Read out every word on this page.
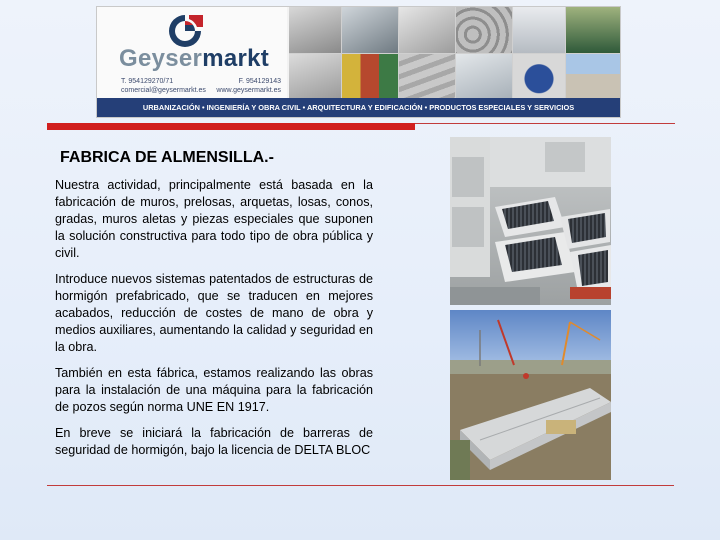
Geysermarkt
T. 954129270/71	F. 954129143
comercial@geysermarkt.es www.geysermarkt.es
URBANIZACIÓN • INGENIERÍA Y OBRA CIVIL • ARQUITECTURA Y EDIFICACIÓN • PRODUCTOS ESPECIALES Y SERVICIOS
FABRICA DE ALMENSILLA.-

Nuestra actividad, principalmente está basada en la fabricación de muros, prelosas, arquetas, losas, conos, gradas, muros aletas y piezas especiales que suponen la solución constructiva para todo tipo de obra pública y civil.

Introduce nuevos sistemas patentados de estructuras de hormigón prefabricado, que se traducen en mejores acabados, reducción de costes de mano de obra y medios auxiliares, aumentando la calidad y seguridad en la obra.

También en esta fábrica, estamos realizando las obras para la instalación de una máquina para la fabricación de pozos según norma UNE EN 1917.

En breve se iniciará la fabricación de barreras de seguridad de hormigón, bajo la licencia de DELTA BLOC
